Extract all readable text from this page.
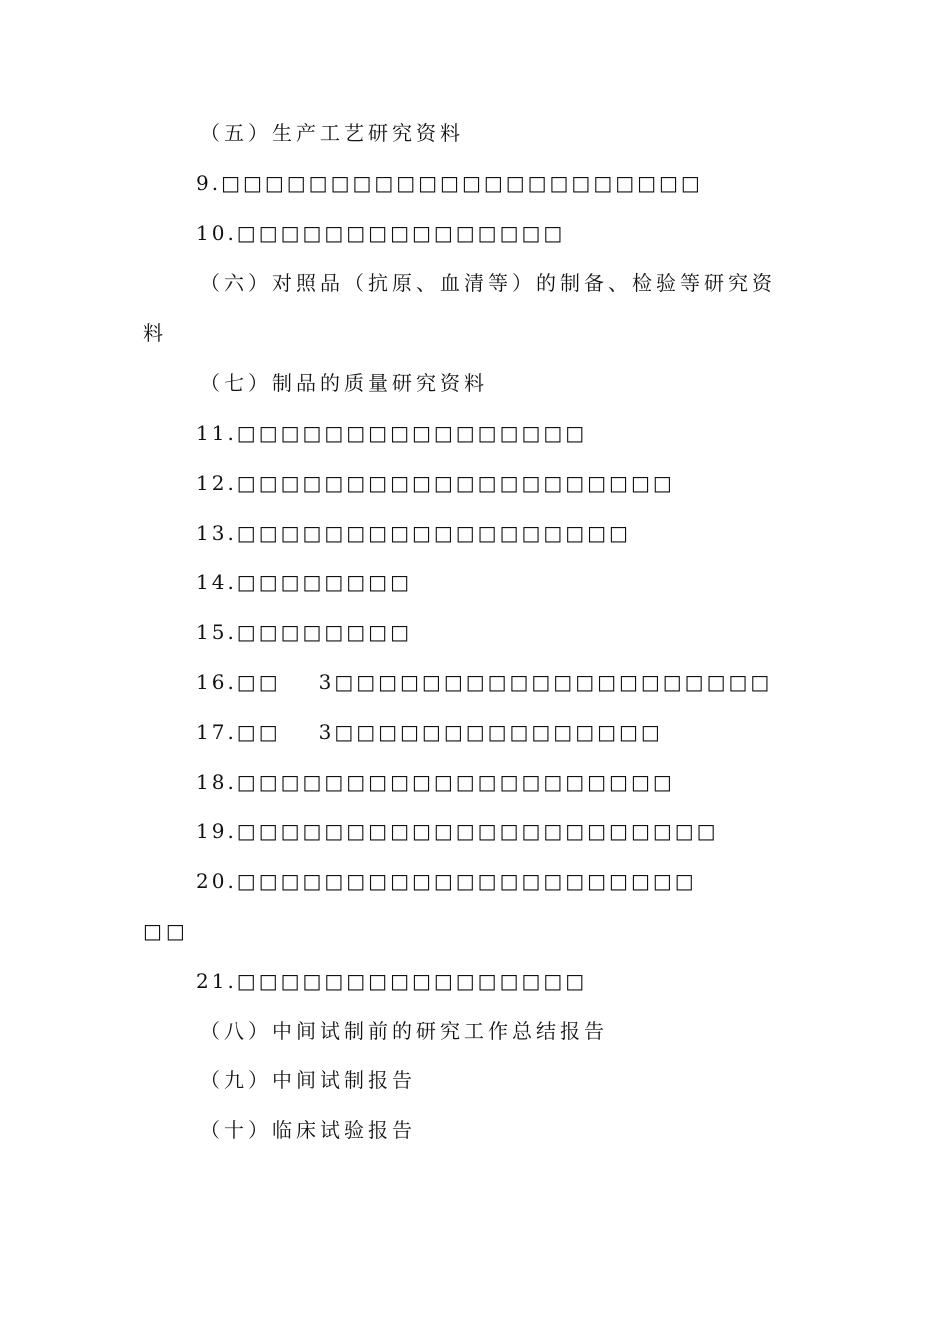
（五）生产工艺研究资料
9.□□□□□□□□□□□□□□□□□□□□□□
10.□□□□□□□□□□□□□□□
（六）对照品（抗原、血清等）的制备、检验等研究资
料
（七）制品的质量研究资料
11.□□□□□□□□□□□□□□□□
12.□□□□□□□□□□□□□□□□□□□□
13.□□□□□□□□□□□□□□□□□□
14.□□□□□□□□
15.□□□□□□□□
16.□□ 3□□□□□□□□□□□□□□□□□□□□
17.□□ 3□□□□□□□□□□□□□□□
18.□□□□□□□□□□□□□□□□□□□□
19.□□□□□□□□□□□□□□□□□□□□□□
20.□□□□□□□□□□□□□□□□□□□□□
□□
21.□□□□□□□□□□□□□□□□
（八）中间试制前的研究工作总结报告
（九）中间试制报告
（十）临床试验报告
